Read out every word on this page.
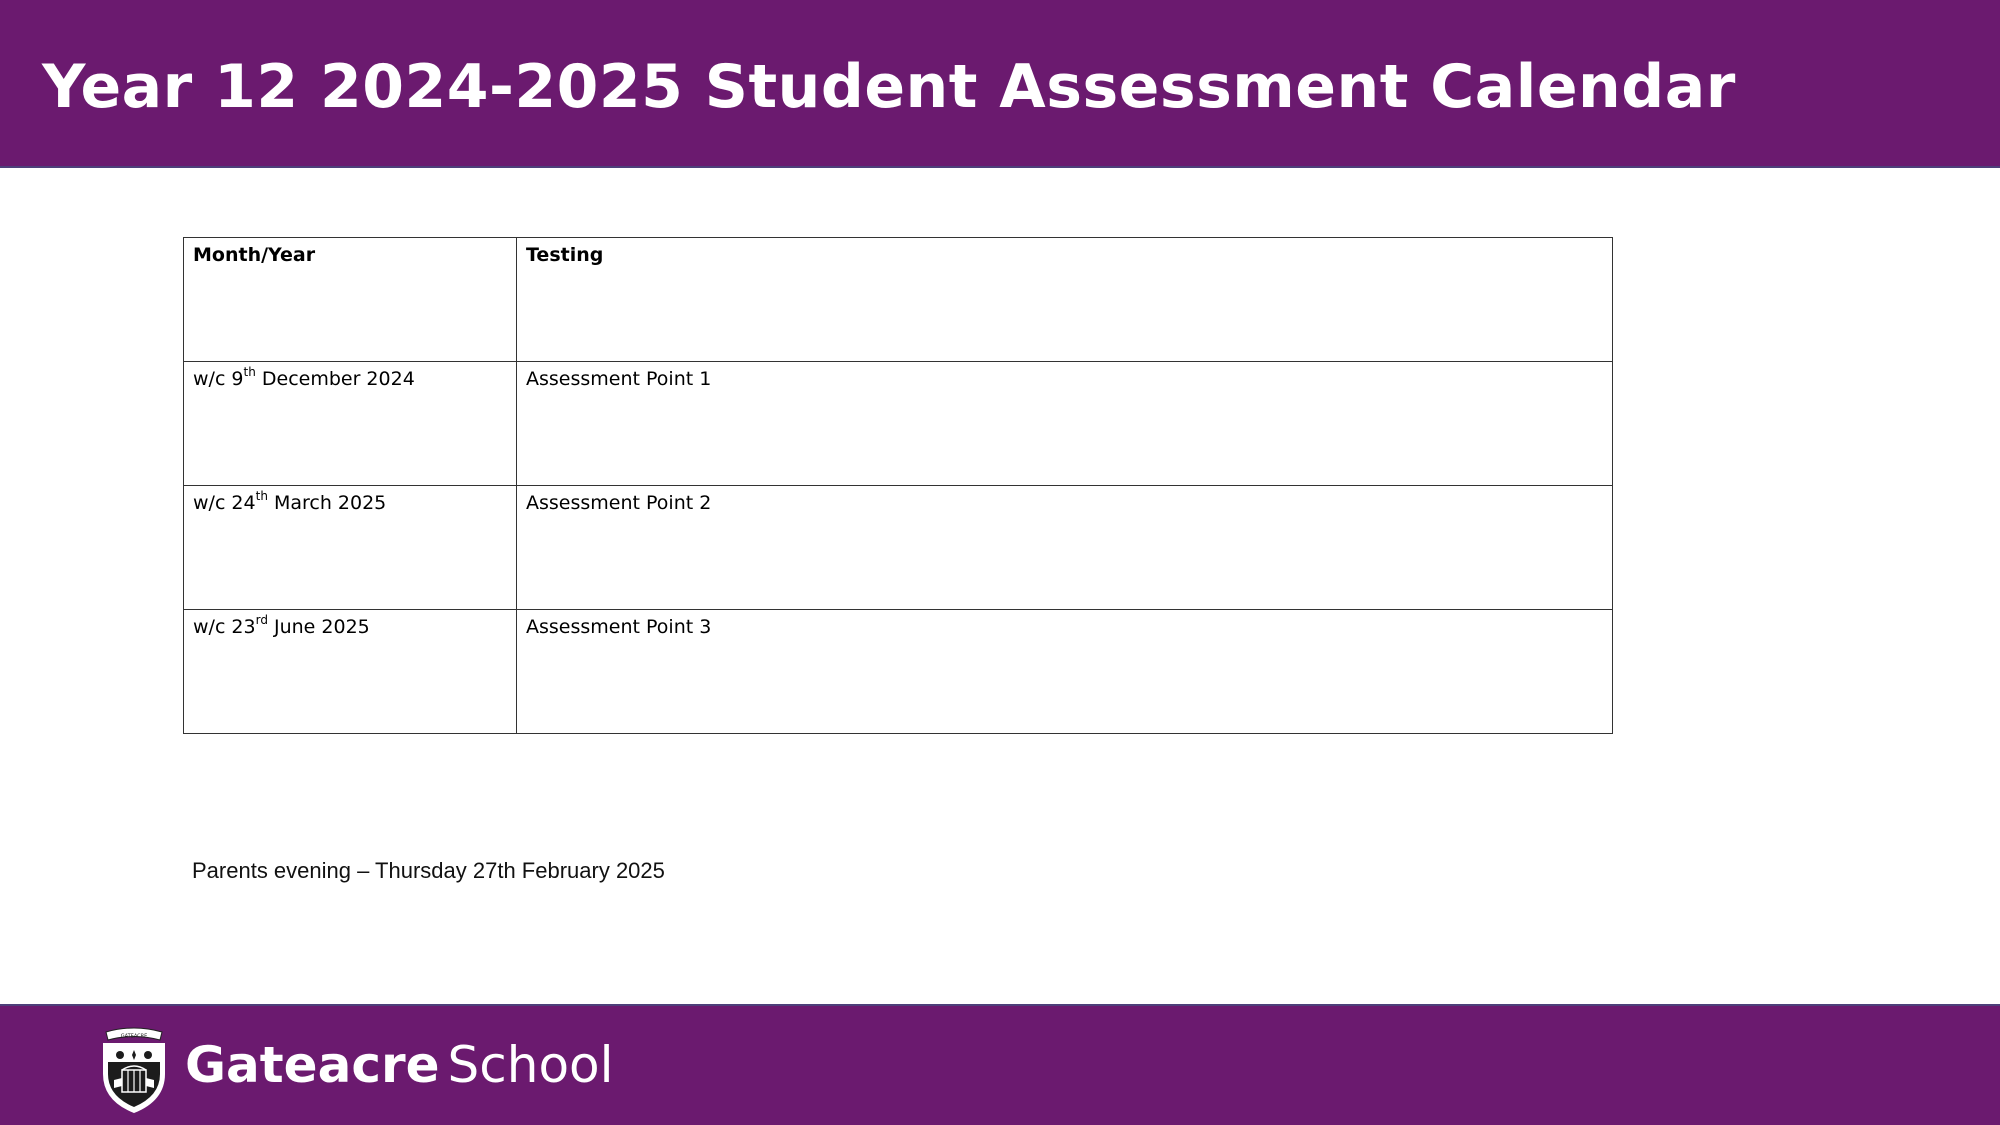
Year 12 2024-2025 Student Assessment Calendar
Month/Year	Testing
w/c 9th December 2024	Assessment Point 1
w/c 24th March 2025	Assessment Point 2
w/c 23rd June 2025	Assessment Point 3
Parents evening – Thursday 27th February 2025
GATEACRE Gateacre School
